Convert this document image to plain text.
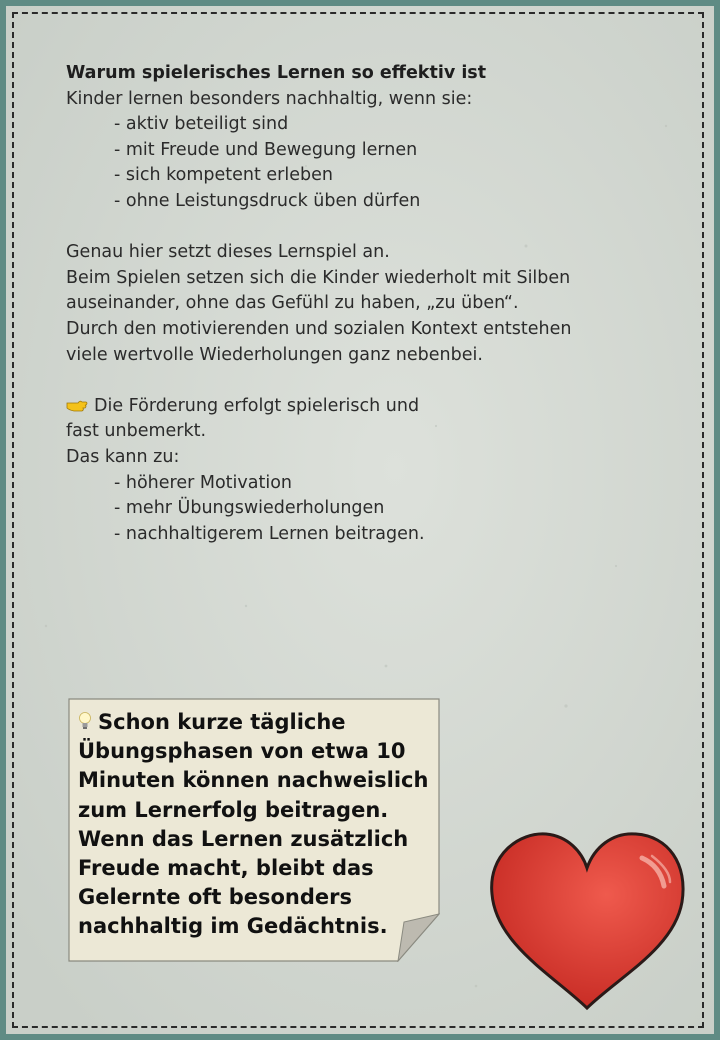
Warum spielerisches Lernen so effektiv ist
Kinder lernen besonders nachhaltig, wenn sie:
- aktiv beteiligt sind
- mit Freude und Bewegung lernen
- sich kompetent erleben
- ohne Leistungsdruck üben dürfen
Genau hier setzt dieses Lernspiel an.
Beim Spielen setzen sich die Kinder wiederholt mit Silben
auseinander, ohne das Gefühl zu haben, „zu üben“.
Durch den motivierenden und sozialen Kontext entstehen
viele wertvolle Wiederholungen ganz nebenbei.
Die Förderung erfolgt spielerisch und
fast unbemerkt.
Das kann zu:
- höherer Motivation
- mehr Übungswiederholungen
- nachhaltigerem Lernen beitragen.
Schon kurze tägliche
Übungsphasen von etwa 10
Minuten können nachweislich
zum Lernerfolg beitragen.
Wenn das Lernen zusätzlich
Freude macht, bleibt das
Gelernte oft besonders
nachhaltig im Gedächtnis.
